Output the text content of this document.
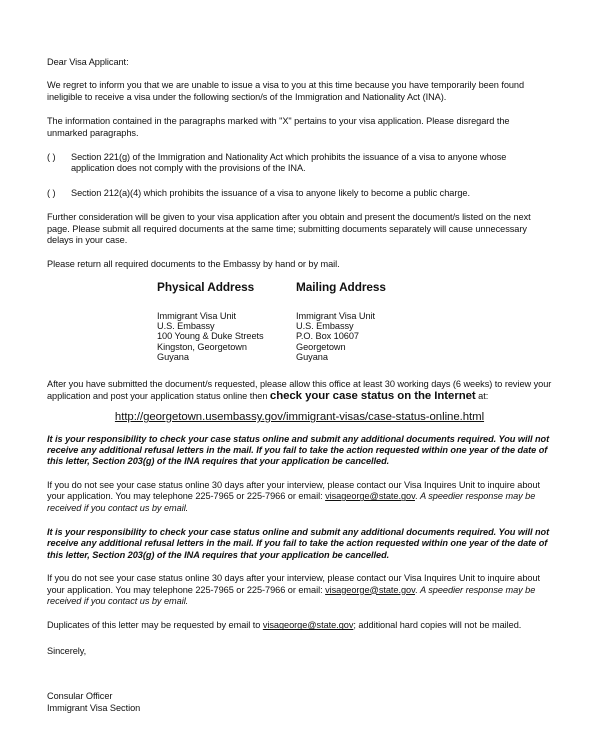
Dear Visa Applicant:

We regret to inform you that we are unable to issue a visa to you at this time because you have temporarily been found ineligible to receive a visa under the following section/s of the Immigration and Nationality Act (INA).

The information contained in the paragraphs marked with "X" pertains to your visa application. Please disregard the unmarked paragraphs.

( )	Section 221(g) of the Immigration and Nationality Act which prohibits the issuance of a visa to anyone whose application does not comply with the provisions of the INA.
( )	Section 212(a)(4) which prohibits the issuance of a visa to anyone likely to become a public charge.

Further consideration will be given to your visa application after you obtain and present the document/s listed on the next page. Please submit all required documents at the same time; submitting documents separately will cause unnecessary delays in your case.

Please return all required documents to the Embassy by hand or by mail.

Physical Address
Immigrant Visa Unit
U.S. Embassy
100 Young & Duke Streets
Kingston, Georgetown
Guyana
Mailing Address
Immigrant Visa Unit
U.S. Embassy
P.O. Box 10607
Georgetown
Guyana

After you have submitted the document/s requested, please allow this office at least 30 working days (6 weeks) to review your application and post your application status online then check your case status on the Internet at:

http://georgetown.usembassy.gov/immigrant-visas/case-status-online.html

It is your responsibility to check your case status online and submit any additional documents required. You will not receive any additional refusal letters in the mail. If you fail to take the action requested within one year of the date of this letter, Section 203(g) of the INA requires that your application be cancelled.

If you do not see your case status online 30 days after your interview, please contact our Visa Inquires Unit to inquire about your application. You may telephone 225-7965 or 225-7966 or email: visageorge@state.gov. A speedier response may be received if you contact us by email.

It is your responsibility to check your case status online and submit any additional documents required. You will not receive any additional refusal letters in the mail. If you fail to take the action requested within one year of the date of this letter, Section 203(g) of the INA requires that your application be cancelled.

If you do not see your case status online 30 days after your interview, please contact our Visa Inquires Unit to inquire about your application. You may telephone 225-7965 or 225-7966 or email: visageorge@state.gov. A speedier response may be received if you contact us by email.

Duplicates of this letter may be requested by email to visageorge@state.gov; additional hard copies will not be mailed.

Sincerely,

Consular Officer

Immigrant Visa Section
